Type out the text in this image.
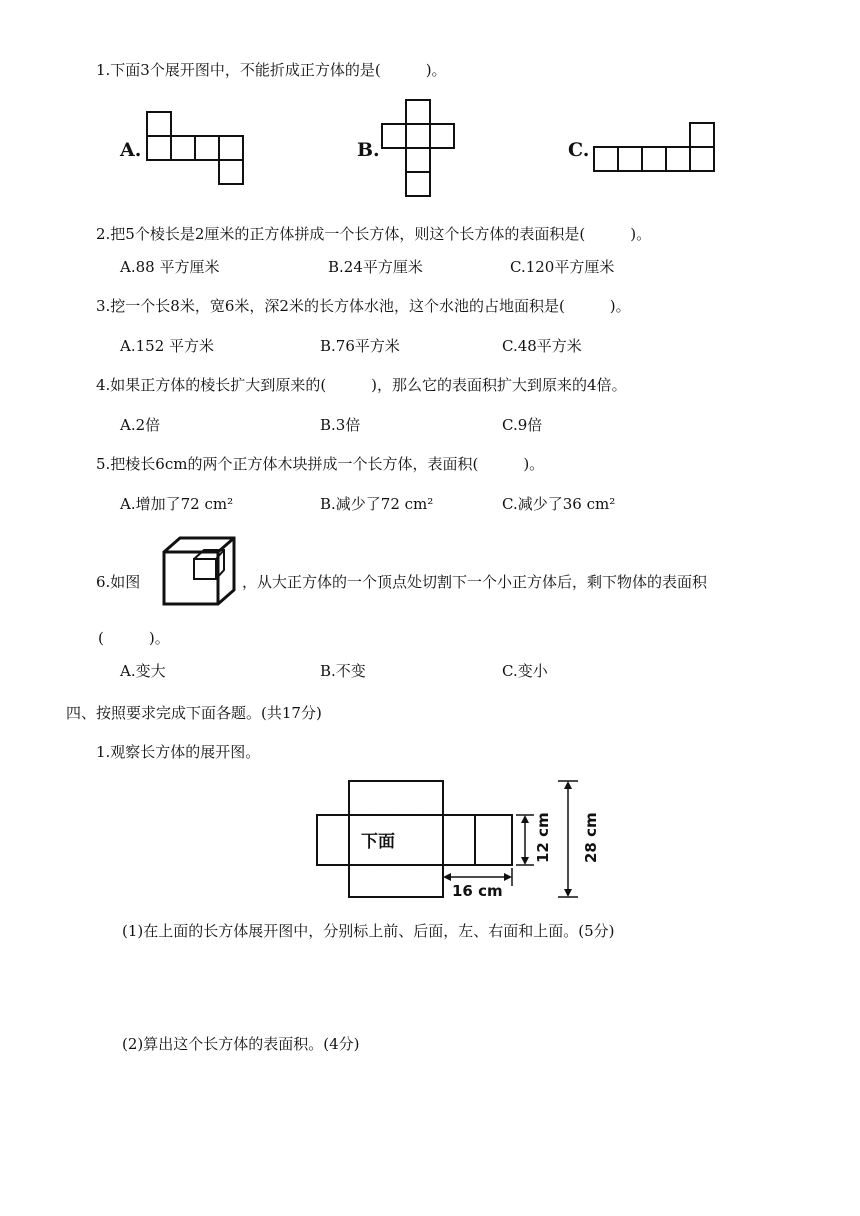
1.下面3个展开图中，不能折成正方体的是(　　　)。
A.	B.	C.
2.把5个棱长是2厘米的正方体拼成一个长方体，则这个长方体的表面积是(　　　)。
A.88 平方厘米	B.24平方厘米	C.120平方厘米
3.挖一个长8米，宽6米，深2米的长方体水池，这个水池的占地面积是(　　　)。
A.152 平方米	B.76平方米	C.48平方米
4.如果正方体的棱长扩大到原来的(　　　)，那么它的表面积扩大到原来的4倍。
A.2倍	B.3倍	C.9倍
5.把棱长6cm的两个正方体木块拼成一个长方体，表面积(　　　)。
A.增加了72 cm²	B.减少了72 cm²	C.减少了36 cm²
6.如图	，从大正方体的一个顶点处切割下一个小正方体后，剩下物体的表面积
(　　　)。
A.变大	B.不变	C.变小
四、按照要求完成下面各题。(共17分)
1.观察长方体的展开图。
下面
16 cm
12 cm 28 cm
(1)在上面的长方体展开图中，分别标上前、后面，左、右面和上面。(5分)
(2)算出这个长方体的表面积。(4分)
